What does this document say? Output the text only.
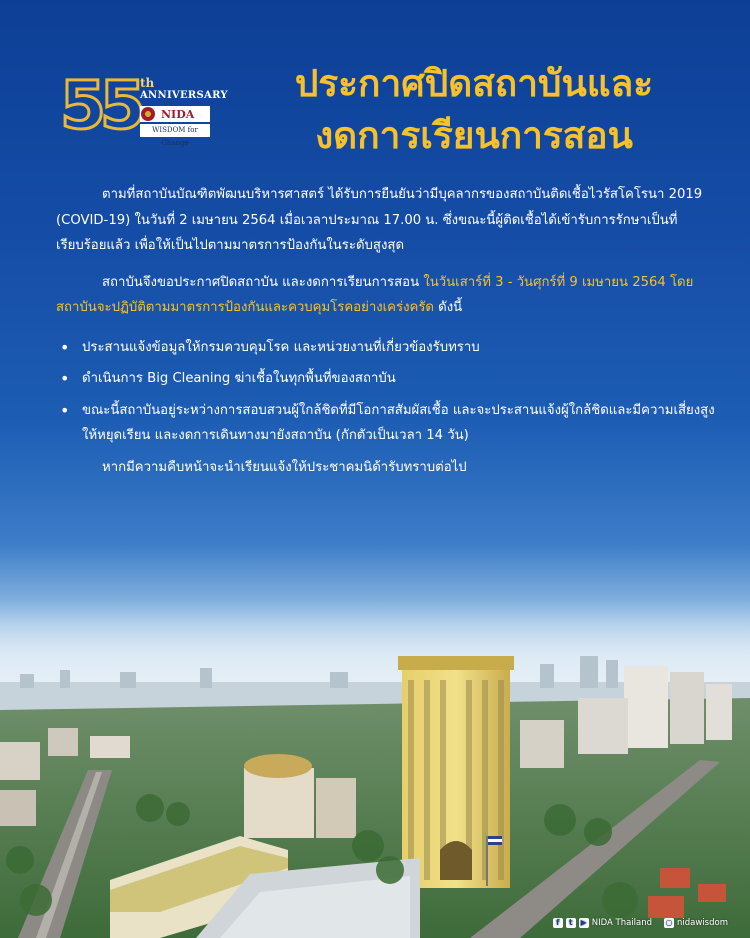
55 th
ANNIVERSARY
NIDA
WISDOM for Change
ประกาศปิดสถาบันและ
งดการเรียนการสอน

ตามที่สถาบันบัณฑิตพัฒนบริหารศาสตร์ ได้รับการยืนยันว่ามีบุคลากรของสถาบันติดเชื้อไวรัสโคโรนา 2019 (COVID-19) ในวันที่ 2 เมษายน 2564 เมื่อเวลาประมาณ 17.00 น. ซึ่งขณะนี้ผู้ติดเชื้อได้เข้ารับการรักษาเป็นที่เรียบร้อยแล้ว เพื่อให้เป็นไปตามมาตรการป้องกันในระดับสูงสุด

สถาบันจึงขอประกาศปิดสถาบัน และงดการเรียนการสอน ในวันเสาร์ที่ 3 - วันศุกร์ที่ 9 เมษายน 2564 โดยสถาบันจะปฏิบัติตามมาตรการป้องกันและควบคุมโรคอย่างเคร่งครัด ดังนี้

• ประสานแจ้งข้อมูลให้กรมควบคุมโรค และหน่วยงานที่เกี่ยวข้องรับทราบ
• ดำเนินการ Big Cleaning ฆ่าเชื้อในทุกพื้นที่ของสถาบัน
• ขณะนี้สถาบันอยู่ระหว่างการสอบสวนผู้ใกล้ชิดที่มีโอกาสสัมผัสเชื้อ และจะประสานแจ้งผู้ใกล้ชิดและมีความเสี่ยงสูงให้หยุดเรียน และงดการเดินทางมายังสถาบัน (กักตัวเป็นเวลา 14 วัน)

หากมีความคืบหน้าจะนำเรียนแจ้งให้ประชาคมนิด้ารับทราบต่อไป

f	t	▶ NIDA Thailand ○ nidawisdom
